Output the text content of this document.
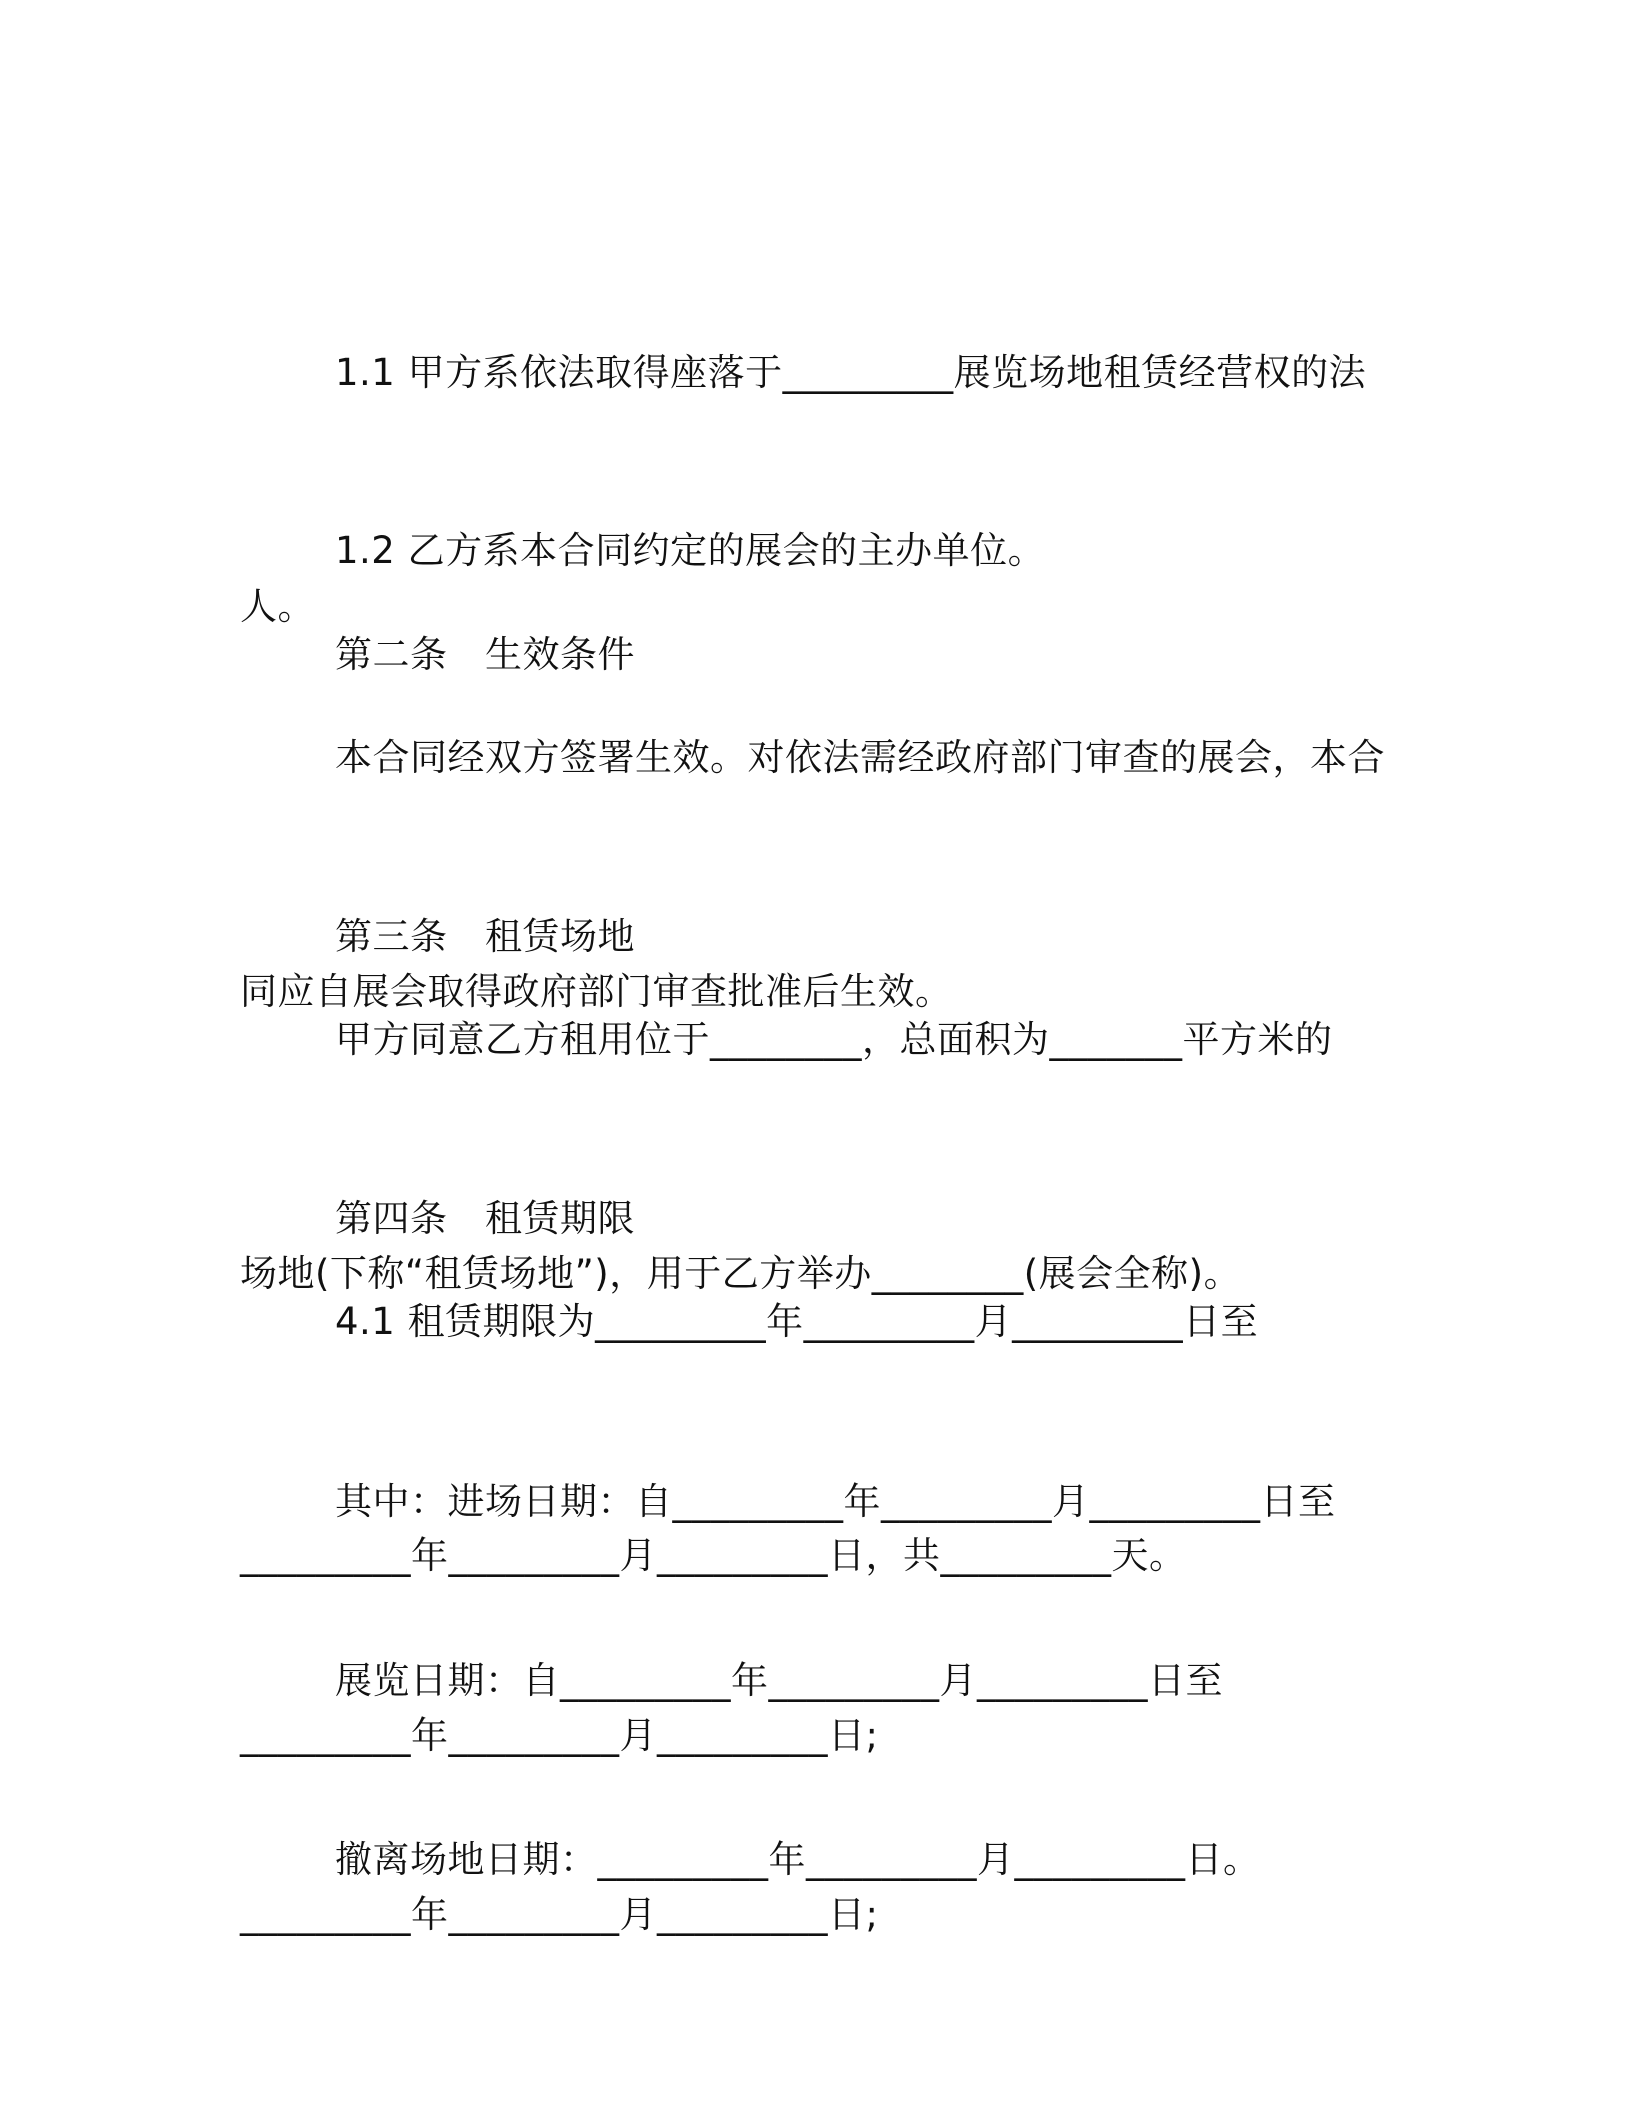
1.1 甲方系依法取得座落于_________展览场地租赁经营权的法

人。

1.2 乙方系本合同约定的展会的主办单位。

第二条　生效条件

本合同经双方签署生效。对依法需经政府部门审查的展会，本合

同应自展会取得政府部门审查批准后生效。

第三条　租赁场地

甲方同意乙方租用位于________，总面积为_______平方米的

场地(下称“租赁场地”)，用于乙方举办________(展会全称)。

第四条　租赁期限

4.1 租赁期限为_________年_________月_________日至

_________年_________月_________日，共_________天。

其中：进场日期：自_________年_________月_________日至

_________年_________月_________日;

展览日期：自_________年_________月_________日至

_________年_________月_________日;

撤离场地日期：_________年_________月_________日。
